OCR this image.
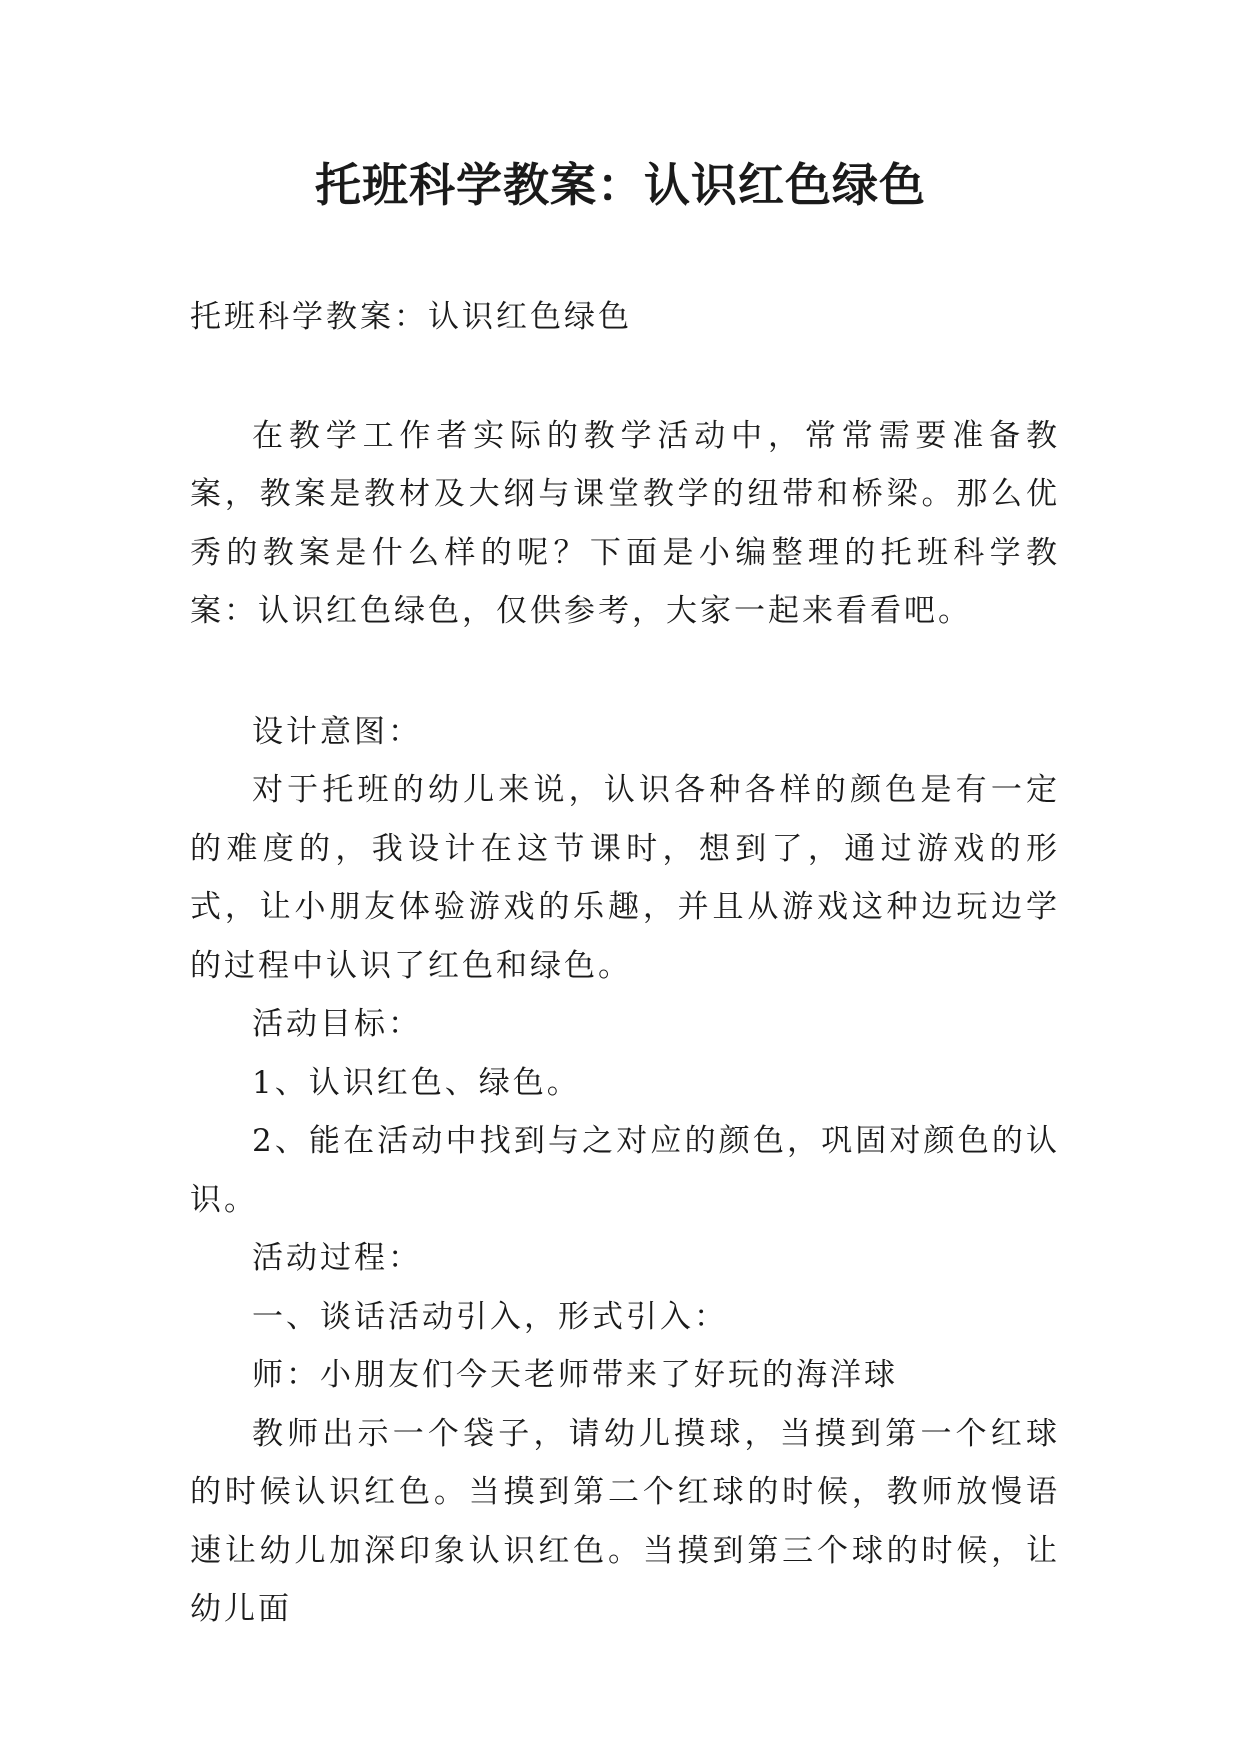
托班科学教案：认识红色绿色

托班科学教案：认识红色绿色

在教学工作者实际的教学活动中，常常需要准备教案，教案是教材及大纲与课堂教学的纽带和桥梁。那么优秀的教案是什么样的呢？下面是小编整理的托班科学教案：认识红色绿色，仅供参考，大家一起来看看吧。

设计意图：

对于托班的幼儿来说，认识各种各样的颜色是有一定的难度的，我设计在这节课时，想到了，通过游戏的形式，让小朋友体验游戏的乐趣，并且从游戏这种边玩边学的过程中认识了红色和绿色。

活动目标：

1、认识红色、绿色。

2、能在活动中找到与之对应的颜色，巩固对颜色的认识。

活动过程：

一、谈话活动引入，形式引入：

师：小朋友们今天老师带来了好玩的海洋球

教师出示一个袋子，请幼儿摸球，当摸到第一个红球的时候认识红色。当摸到第二个红球的时候，教师放慢语速让幼儿加深印象认识红色。当摸到第三个球的时候，让幼儿面
